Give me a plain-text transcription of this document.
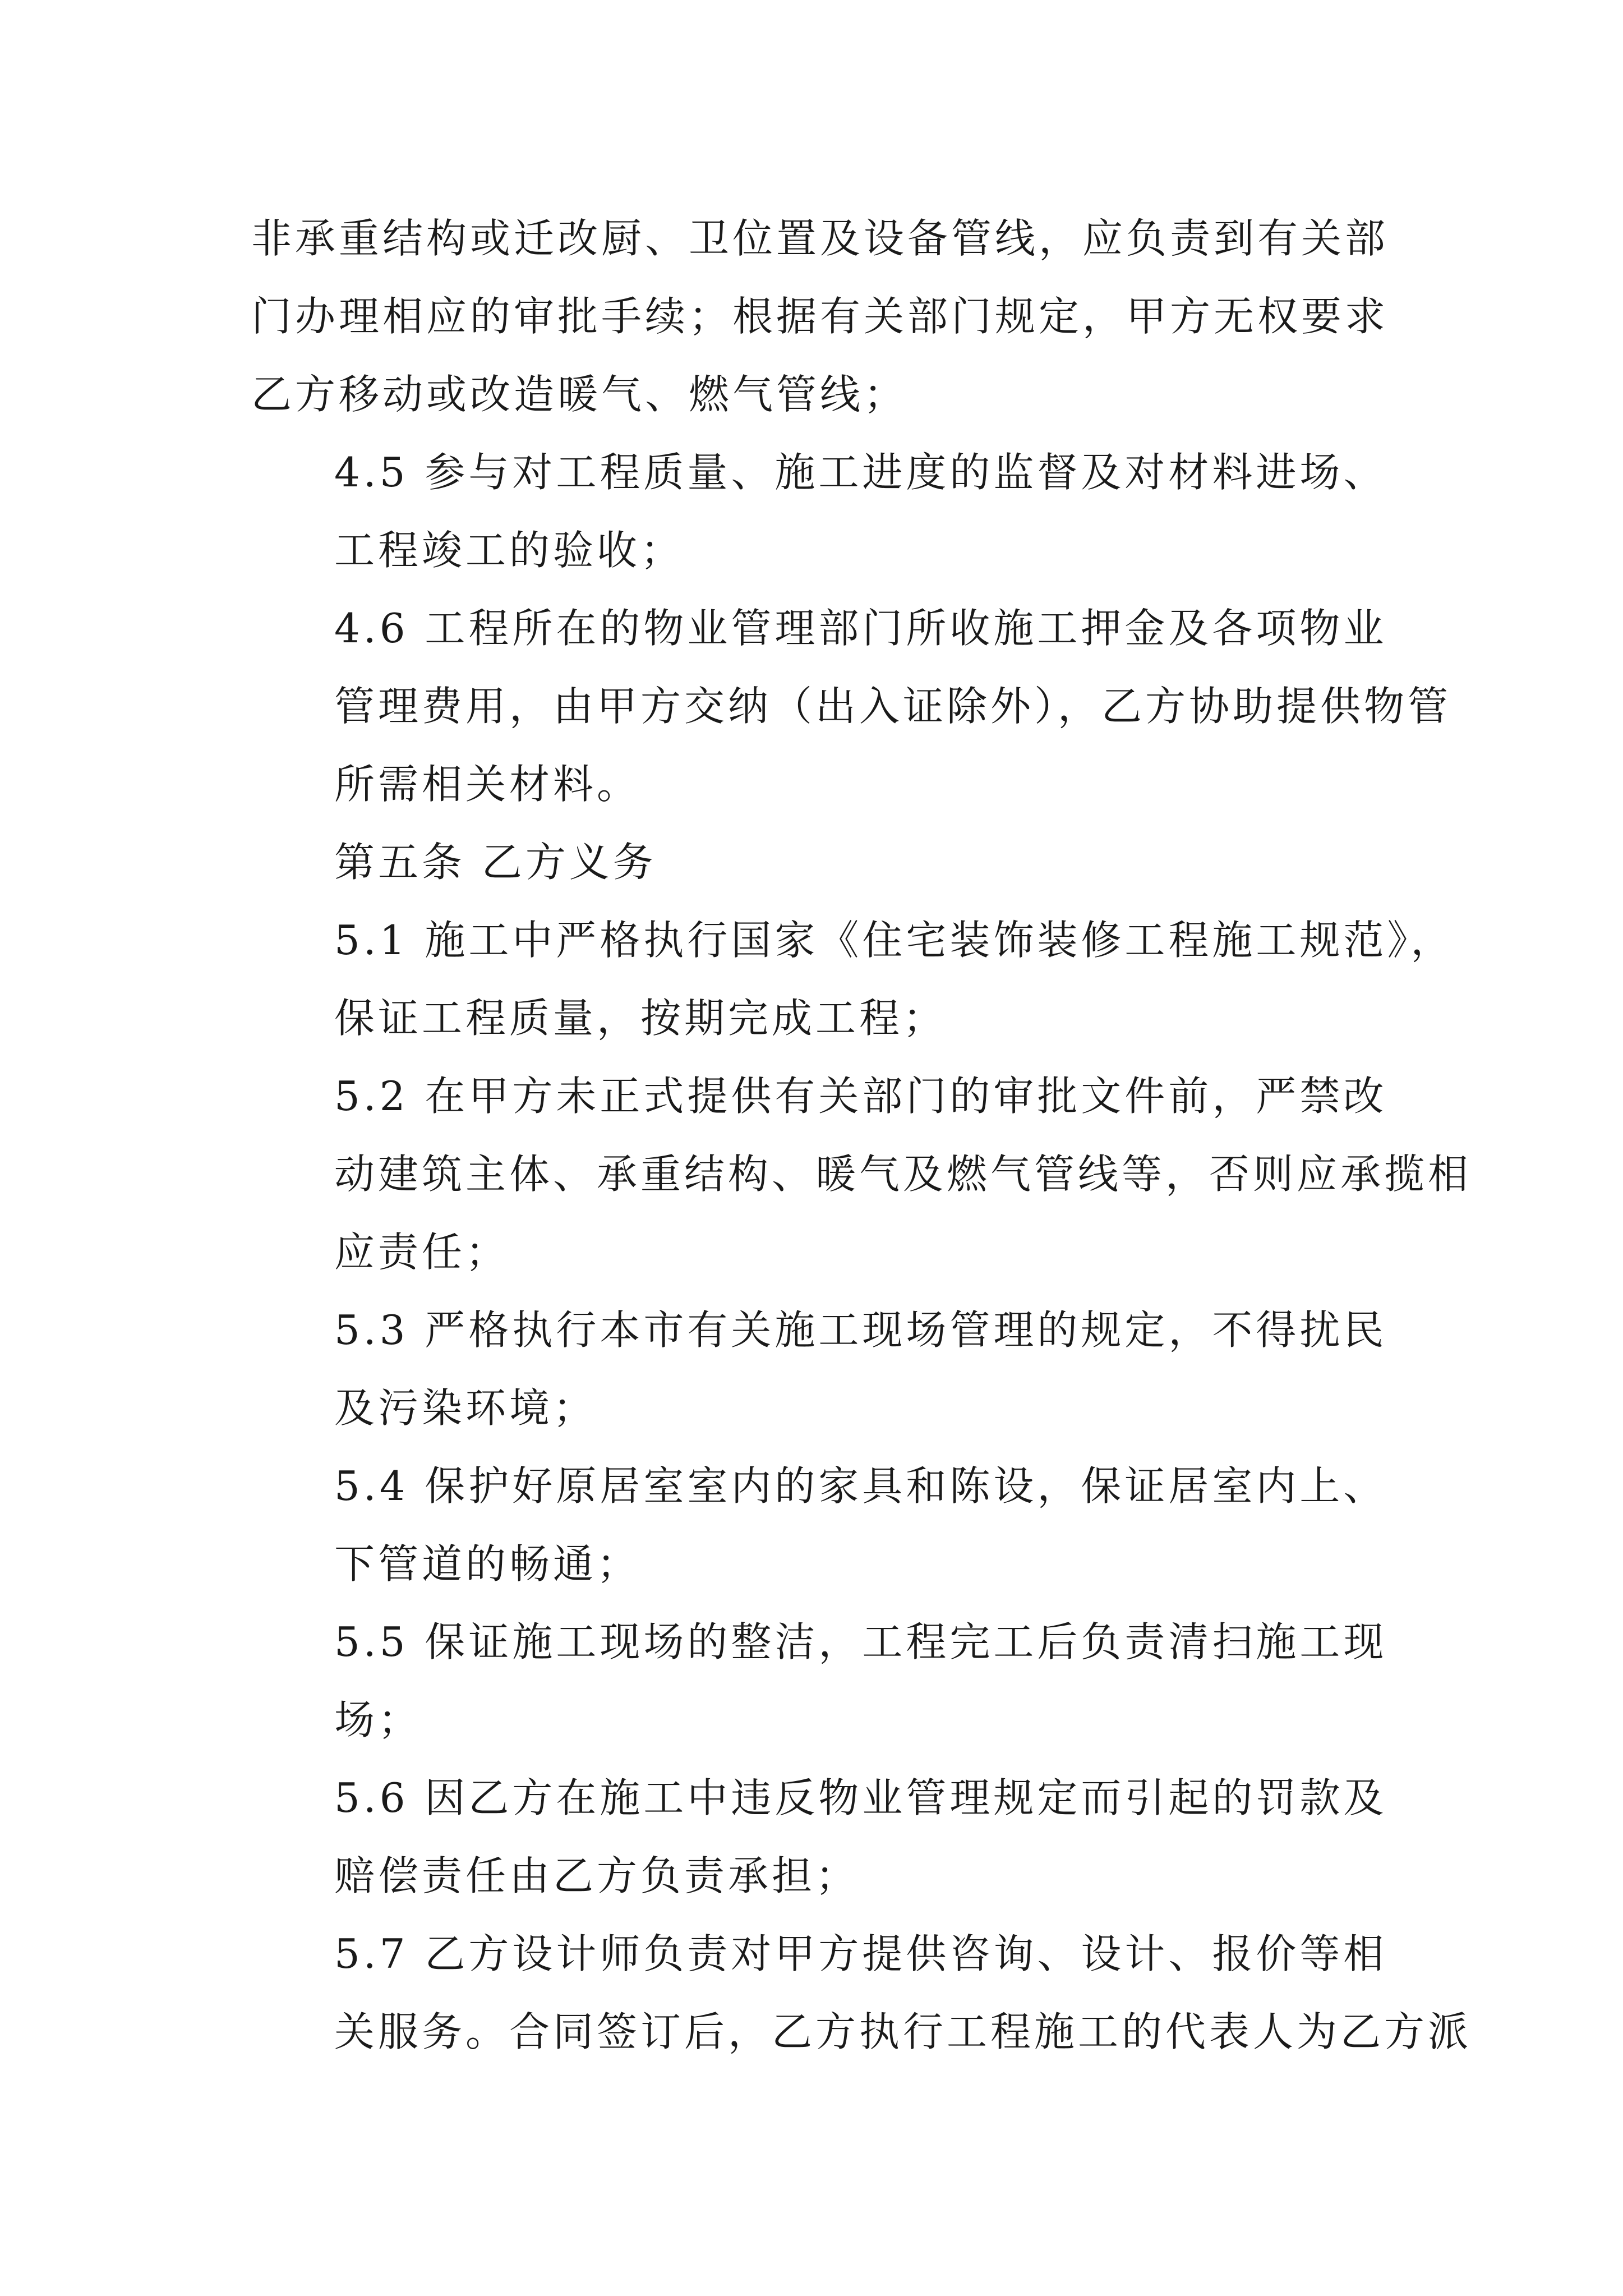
非承重结构或迁改厨、卫位置及设备管线，应负责到有关部
门办理相应的审批手续；根据有关部门规定，甲方无权要求
乙方移动或改造暖气、燃气管线；

4.5 参与对工程质量、施工进度的监督及对材料进场、
工程竣工的验收；

4.6 工程所在的物业管理部门所收施工押金及各项物业
管理费用，由甲方交纳（出入证除外），乙方协助提供物管
所需相关材料。

第五条 乙方义务

5.1 施工中严格执行国家《住宅装饰装修工程施工规范》，
保证工程质量，按期完成工程；

5.2 在甲方未正式提供有关部门的审批文件前，严禁改
动建筑主体、承重结构、暖气及燃气管线等，否则应承揽相
应责任；

5.3 严格执行本市有关施工现场管理的规定，不得扰民
及污染环境；

5.4 保护好原居室室内的家具和陈设，保证居室内上、
下管道的畅通；

5.5 保证施工现场的整洁，工程完工后负责清扫施工现
场；

5.6 因乙方在施工中违反物业管理规定而引起的罚款及
赔偿责任由乙方负责承担；

5.7 乙方设计师负责对甲方提供咨询、设计、报价等相
关服务。合同签订后，乙方执行工程施工的代表人为乙方派
